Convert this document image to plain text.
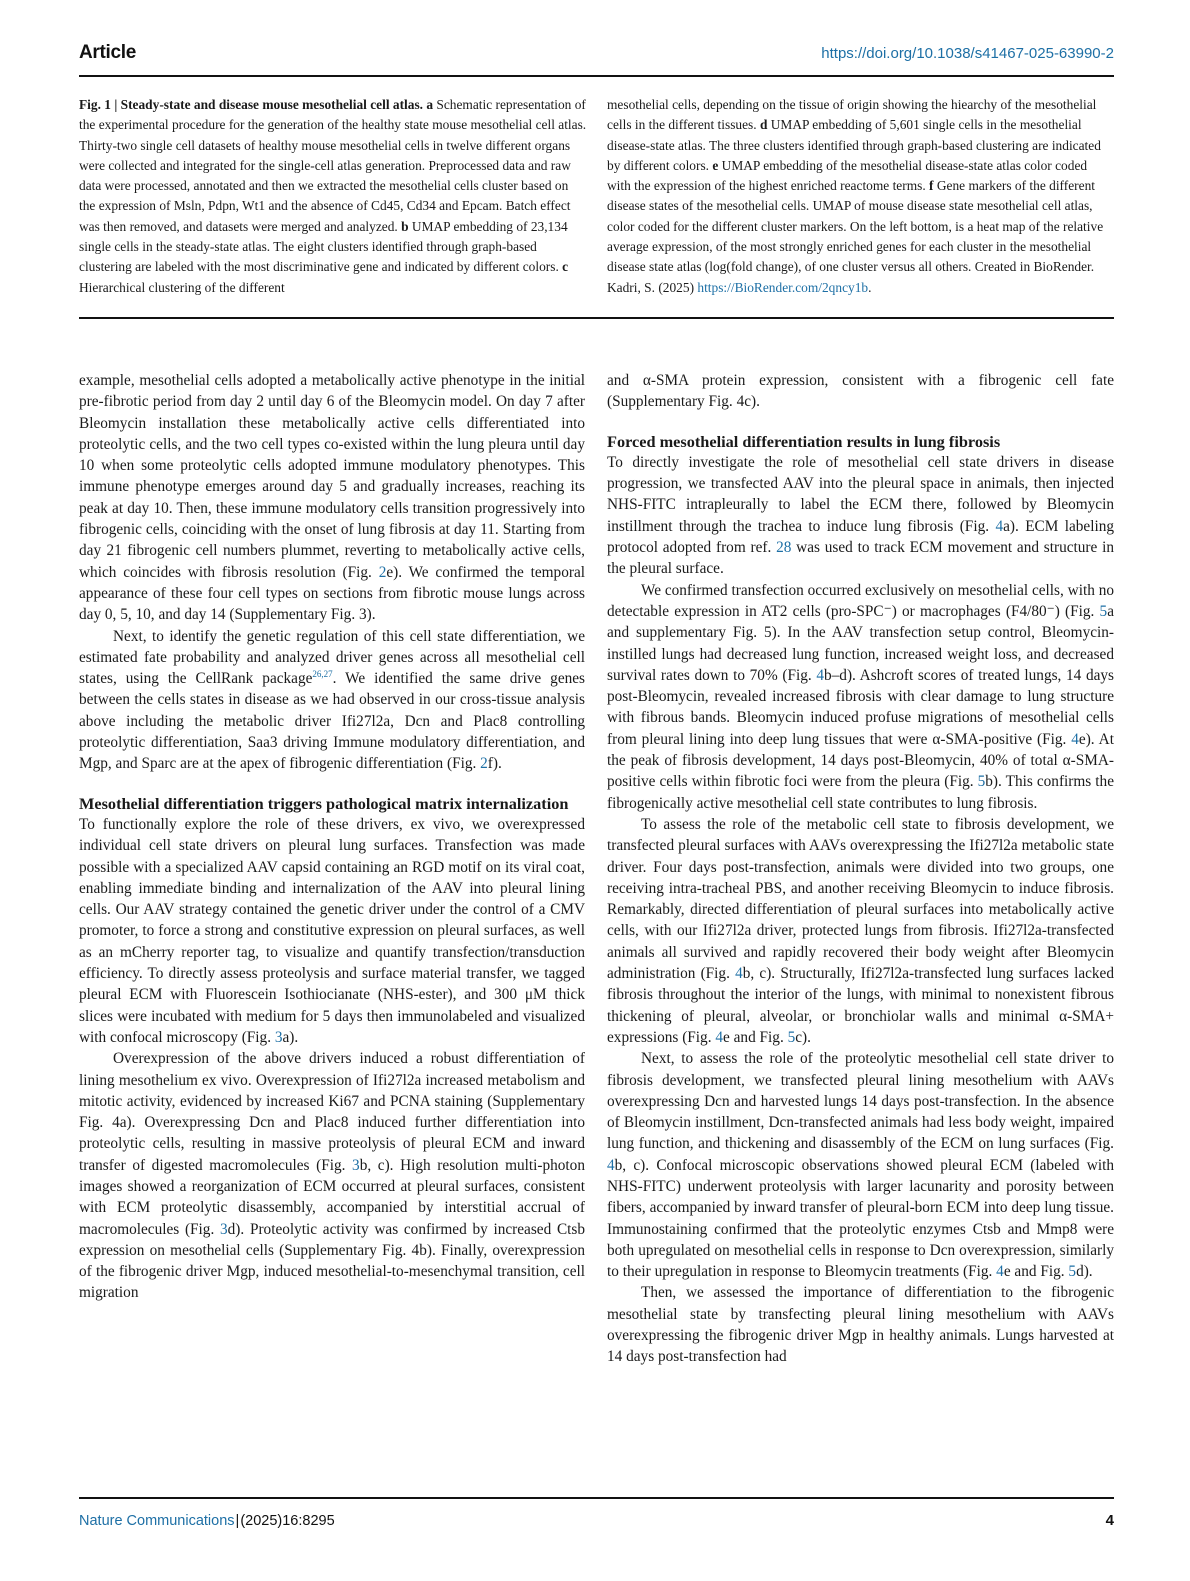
Article	https://doi.org/10.1038/s41467-025-63990-2
Fig. 1 | Steady-state and disease mouse mesothelial cell atlas. a Schematic representation of the experimental procedure for the generation of the healthy state mouse mesothelial cell atlas. Thirty-two single cell datasets of healthy mouse mesothelial cells in twelve different organs were collected and integrated for the single-cell atlas generation. Preprocessed data and raw data were processed, annotated and then we extracted the mesothelial cells cluster based on the expression of Msln, Pdpn, Wt1 and the absence of Cd45, Cd34 and Epcam. Batch effect was then removed, and datasets were merged and analyzed. b UMAP embedding of 23,134 single cells in the steady-state atlas. The eight clusters identified through graph-based clustering are labeled with the most discriminative gene and indicated by different colors. c Hierarchical clustering of the different
mesothelial cells, depending on the tissue of origin showing the hiearchy of the mesothelial cells in the different tissues. d UMAP embedding of 5,601 single cells in the mesothelial disease-state atlas. The three clusters identified through graph-based clustering are indicated by different colors. e UMAP embedding of the mesothelial disease-state atlas color coded with the expression of the highest enriched reactome terms. f Gene markers of the different disease states of the mesothelial cells. UMAP of mouse disease state mesothelial cell atlas, color coded for the different cluster markers. On the left bottom, is a heat map of the relative average expression, of the most strongly enriched genes for each cluster in the mesothelial disease state atlas (log(fold change), of one cluster versus all others. Created in BioRender. Kadri, S. (2025) https://BioRender.com/2qncy1b.

example, mesothelial cells adopted a metabolically active phenotype in the initial pre-fibrotic period from day 2 until day 6 of the Bleomycin model. On day 7 after Bleomycin installation these metabolically active cells differentiated into proteolytic cells, and the two cell types co-existed within the lung pleura until day 10 when some proteolytic cells adopted immune modulatory phenotypes. This immune phenotype emerges around day 5 and gradually increases, reaching its peak at day 10. Then, these immune modulatory cells transition progressively into fibrogenic cells, coinciding with the onset of lung fibrosis at day 11. Starting from day 21 fibrogenic cell numbers plummet, reverting to metabolically active cells, which coincides with fibrosis resolution (Fig. 2e). We confirmed the temporal appearance of these four cell types on sections from fibrotic mouse lungs across day 0, 5, 10, and day 14 (Supplementary Fig. 3).

Next, to identify the genetic regulation of this cell state differentiation, we estimated fate probability and analyzed driver genes across all mesothelial cell states, using the CellRank package$^{26,27}$. We identified the same drive genes between the cells states in disease as we had observed in our cross-tissue analysis above including the metabolic driver Ifi27l2a, Dcn and Plac8 controlling proteolytic differentiation, Saa3 driving Immune modulatory differentiation, and Mgp, and Sparc are at the apex of fibrogenic differentiation (Fig. 2f).

Mesothelial differentiation triggers pathological matrix internalization

To functionally explore the role of these drivers, ex vivo, we overexpressed individual cell state drivers on pleural lung surfaces. Transfection was made possible with a specialized AAV capsid containing an RGD motif on its viral coat, enabling immediate binding and internalization of the AAV into pleural lining cells. Our AAV strategy contained the genetic driver under the control of a CMV promoter, to force a strong and constitutive expression on pleural surfaces, as well as an mCherry reporter tag, to visualize and quantify transfection/transduction efficiency. To directly assess proteolysis and surface material transfer, we tagged pleural ECM with Fluorescein Isothiocianate (NHS-ester), and 300 μM thick slices were incubated with medium for 5 days then immunolabeled and visualized with confocal microscopy (Fig. 3a).

Overexpression of the above drivers induced a robust differentiation of lining mesothelium ex vivo. Overexpression of Ifi27l2a increased metabolism and mitotic activity, evidenced by increased Ki67 and PCNA staining (Supplementary Fig. 4a). Overexpressing Dcn and Plac8 induced further differentiation into proteolytic cells, resulting in massive proteolysis of pleural ECM and inward transfer of digested macromolecules (Fig. 3b, c). High resolution multi-photon images showed a reorganization of ECM occurred at pleural surfaces, consistent with ECM proteolytic disassembly, accompanied by interstitial accrual of macromolecules (Fig. 3d). Proteolytic activity was confirmed by increased Ctsb expression on mesothelial cells (Supplementary Fig. 4b). Finally, overexpression of the fibrogenic driver Mgp, induced mesothelial-to-mesenchymal transition, cell migration

and α-SMA protein expression, consistent with a fibrogenic cell fate (Supplementary Fig. 4c).

Forced mesothelial differentiation results in lung fibrosis

To directly investigate the role of mesothelial cell state drivers in disease progression, we transfected AAV into the pleural space in animals, then injected NHS-FITC intrapleurally to label the ECM there, followed by Bleomycin instillment through the trachea to induce lung fibrosis (Fig. 4a). ECM labeling protocol adopted from ref. 28 was used to track ECM movement and structure in the pleural surface.

We confirmed transfection occurred exclusively on mesothelial cells, with no detectable expression in AT2 cells (pro-SPC⁻) or macrophages (F4/80⁻) (Fig. 5a and supplementary Fig. 5). In the AAV transfection setup control, Bleomycin-instilled lungs had decreased lung function, increased weight loss, and decreased survival rates down to 70% (Fig. 4b–d). Ashcroft scores of treated lungs, 14 days post-Bleomycin, revealed increased fibrosis with clear damage to lung structure with fibrous bands. Bleomycin induced profuse migrations of mesothelial cells from pleural lining into deep lung tissues that were α-SMA-positive (Fig. 4e). At the peak of fibrosis development, 14 days post-Bleomycin, 40% of total α-SMA-positive cells within fibrotic foci were from the pleura (Fig. 5b). This confirms the fibrogenically active mesothelial cell state contributes to lung fibrosis.

To assess the role of the metabolic cell state to fibrosis development, we transfected pleural surfaces with AAVs overexpressing the Ifi27l2a metabolic state driver. Four days post-transfection, animals were divided into two groups, one receiving intra-tracheal PBS, and another receiving Bleomycin to induce fibrosis. Remarkably, directed differentiation of pleural surfaces into metabolically active cells, with our Ifi27l2a driver, protected lungs from fibrosis. Ifi27l2a-transfected animals all survived and rapidly recovered their body weight after Bleomycin administration (Fig. 4b, c). Structurally, Ifi27l2a-transfected lung surfaces lacked fibrosis throughout the interior of the lungs, with minimal to nonexistent fibrous thickening of pleural, alveolar, or bronchiolar walls and minimal α-SMA+ expressions (Fig. 4e and Fig. 5c).

Next, to assess the role of the proteolytic mesothelial cell state driver to fibrosis development, we transfected pleural lining mesothelium with AAVs overexpressing Dcn and harvested lungs 14 days post-transfection. In the absence of Bleomycin instillment, Dcn-transfected animals had less body weight, impaired lung function, and thickening and disassembly of the ECM on lung surfaces (Fig. 4b, c). Confocal microscopic observations showed pleural ECM (labeled with NHS-FITC) underwent proteolysis with larger lacunarity and porosity between fibers, accompanied by inward transfer of pleural-born ECM into deep lung tissue. Immunostaining confirmed that the proteolytic enzymes Ctsb and Mmp8 were both upregulated on mesothelial cells in response to Dcn overexpression, similarly to their upregulation in response to Bleomycin treatments (Fig. 4e and Fig. 5d).

Then, we assessed the importance of differentiation to the fibrogenic mesothelial state by transfecting pleural lining mesothelium with AAVs overexpressing the fibrogenic driver Mgp in healthy animals. Lungs harvested at 14 days post-transfection had

Nature Communications|(2025)16:8295	4
